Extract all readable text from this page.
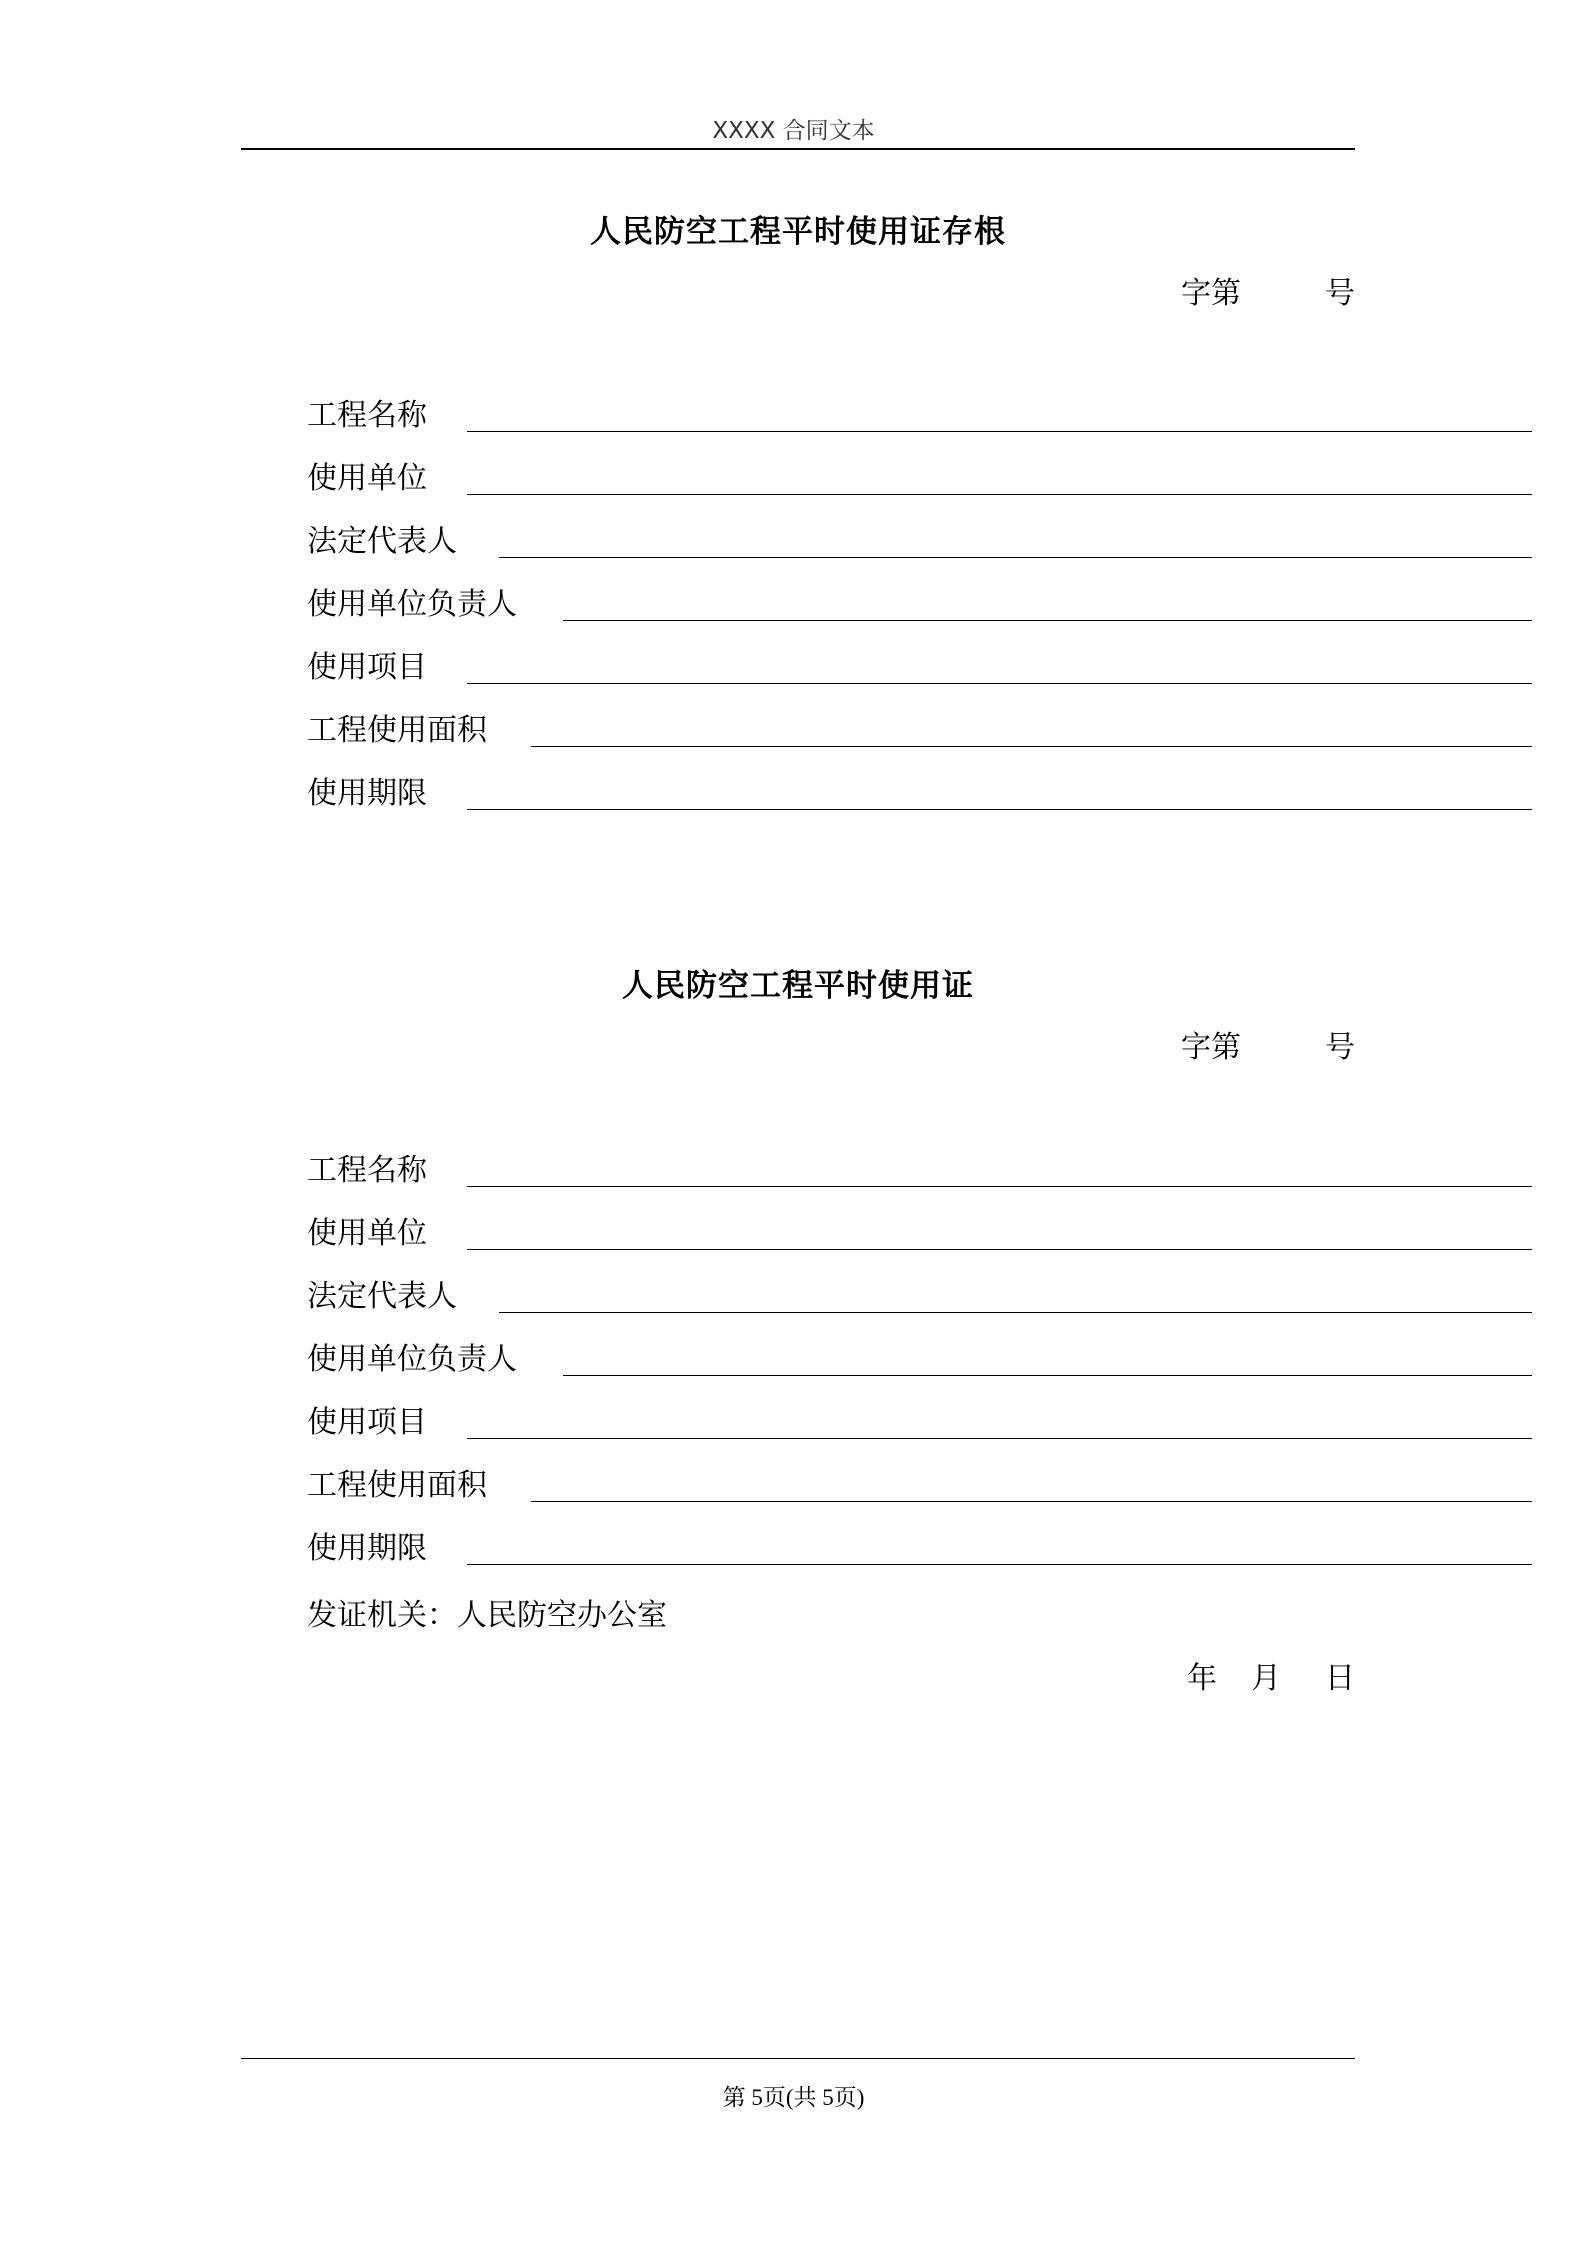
XXXX 合同文本
人民防空工程平时使用证存根
字第	号
工程名称
使用单位
法定代表人
使用单位负责人
使用项目
工程使用面积
使用期限
人民防空工程平时使用证
字第	号
工程名称
使用单位
法定代表人
使用单位负责人
使用项目
工程使用面积
使用期限
发证机关：人民防空办公室
年 月 日
第 5页(共 5页)
